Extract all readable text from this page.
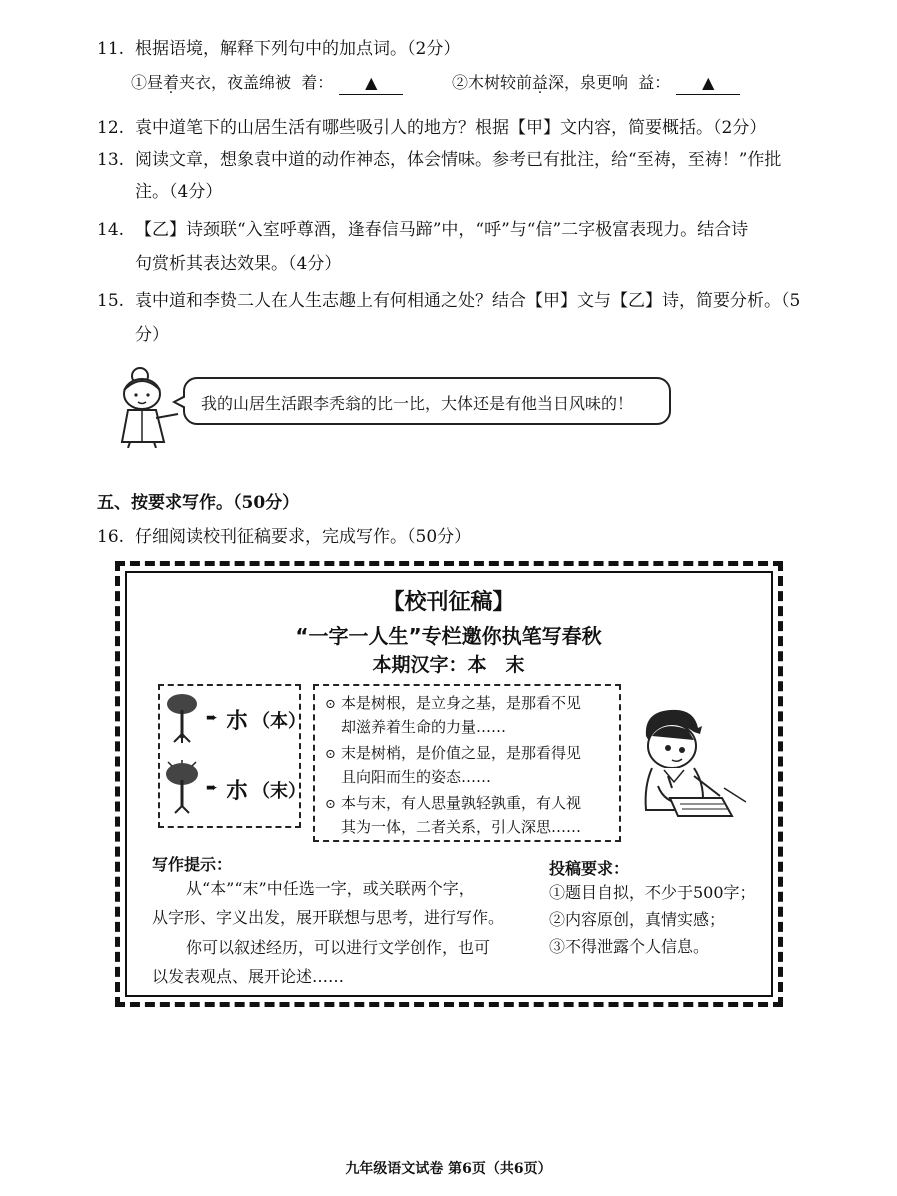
11. 根据语境，解释下列句中的加点词。（2分）
①昼着夹衣，夜盖绵被 着： ▲	②木树较前益深，泉更响 益： ▲
12. 袁中道笔下的山居生活有哪些吸引人的地方？根据【甲】文内容，简要概括。（2分）
13. 阅读文章，想象袁中道的动作神态，体会情味。参考已有批注，给“至祷，至祷！”作批
注。（4分）
14. 【乙】诗颈联“入室呼尊酒，逢春信马蹄”中，“呼”与“信”二字极富表现力。结合诗
句赏析其表达效果。（4分）
15. 袁中道和李贽二人在人生志趣上有何相通之处？结合【甲】文与【乙】诗，简要分析。（5
分）
我的山居生活跟李秃翁的比一比，大体还是有他当日风味的！
五、按要求写作。（50分）
16. 仔细阅读校刊征稿要求，完成写作。（50分）
【校刊征稿】
“一字一人生”专栏邀你执笔写春秋
本期汉字：本　末
➨ 朩 （本）
➨ 朩 （末）
⊙ 本是树根，是立身之基，是那看不见
却滋养着生命的力量……
⊙ 末是树梢，是价值之显，是那看得见
且向阳而生的姿态……
⊙ 本与末，有人思量孰轻孰重，有人视
其为一体，二者关系，引人深思……
写作提示：
从“本”“末”中任选一字，或关联两个字，
从字形、字义出发，展开联想与思考，进行写作。
你可以叙述经历，可以进行文学创作，也可
以发表观点、展开论述……
投稿要求：
①题目自拟，不少于500字；
②内容原创，真情实感；
③不得泄露个人信息。
九年级语文试卷 第6页（共6页）
